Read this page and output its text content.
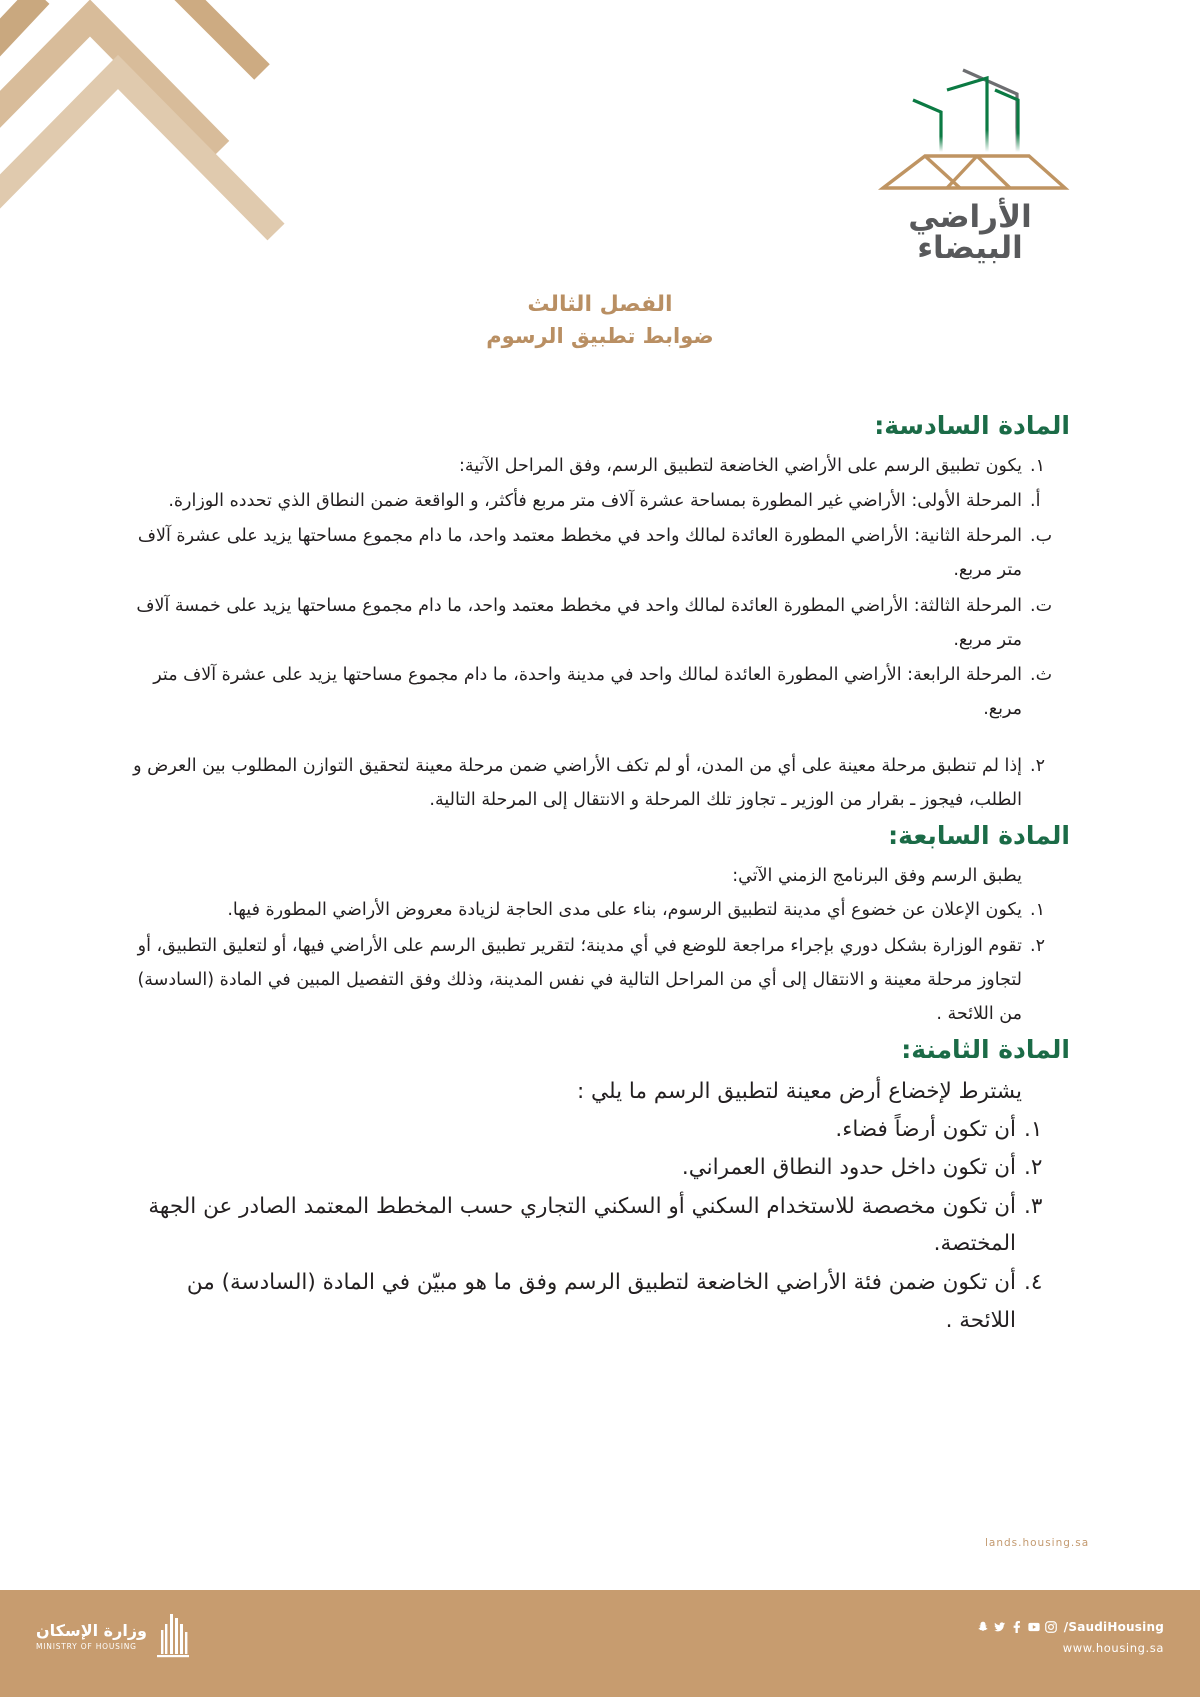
الأراضي البيضاء
الفصل الثالث
ضوابط تطبيق الرسوم
المادة السادسة:
١.
يكون تطبيق الرسم على الأراضي الخاضعة لتطبيق الرسم، وفق المراحل الآتية:
أ.
المرحلة الأولى: الأراضي غير المطورة بمساحة عشرة آلاف متر مربع فأكثر، و الواقعة ضمن النطاق الذي تحدده الوزارة.
ب.
المرحلة الثانية: الأراضي المطورة العائدة لمالك واحد في مخطط معتمد واحد، ما دام مجموع مساحتها يزيد على عشرة آلاف متر مربع.
ت.
المرحلة الثالثة: الأراضي المطورة العائدة لمالك واحد في مخطط معتمد واحد، ما دام مجموع مساحتها يزيد على خمسة آلاف متر مربع.
ث.
المرحلة الرابعة: الأراضي المطورة العائدة لمالك واحد في مدينة واحدة، ما دام مجموع مساحتها يزيد على عشرة آلاف متر مربع.
٢.
إذا لم تنطبق مرحلة معينة على أي من المدن، أو لم تكف الأراضي ضمن مرحلة معينة لتحقيق التوازن المطلوب بين العرض و الطلب، فيجوز ـ بقرار من الوزير ـ تجاوز تلك المرحلة و الانتقال إلى المرحلة التالية.
المادة السابعة:
يطبق الرسم وفق البرنامج الزمني الآتي:
١.
يكون الإعلان عن خضوع أي مدينة لتطبيق الرسوم، بناء على مدى الحاجة لزيادة معروض الأراضي المطورة فيها.
٢.
تقوم الوزارة بشكل دوري بإجراء مراجعة للوضع في أي مدينة؛ لتقرير تطبيق الرسم على الأراضي فيها، أو لتعليق التطبيق، أو لتجاوز مرحلة معينة و الانتقال إلى أي من المراحل التالية في نفس المدينة، وذلك وفق التفصيل المبين في المادة (السادسة) من اللائحة .
المادة الثامنة:
يشترط لإخضاع أرض معينة لتطبيق الرسم ما يلي :
١.
أن تكون أرضاً فضاء.
٢.
أن تكون داخل حدود النطاق العمراني.
٣.
أن تكون مخصصة للاستخدام السكني أو السكني التجاري حسب المخطط المعتمد الصادر عن الجهة المختصة.
٤.
أن تكون ضمن فئة الأراضي الخاضعة لتطبيق الرسم وفق ما هو مبيّن في المادة (السادسة) من اللائحة .
lands.housing.sa
وزارة الإسكان
MINISTRY OF HOUSING
/SaudiHousing
www.housing.sa
